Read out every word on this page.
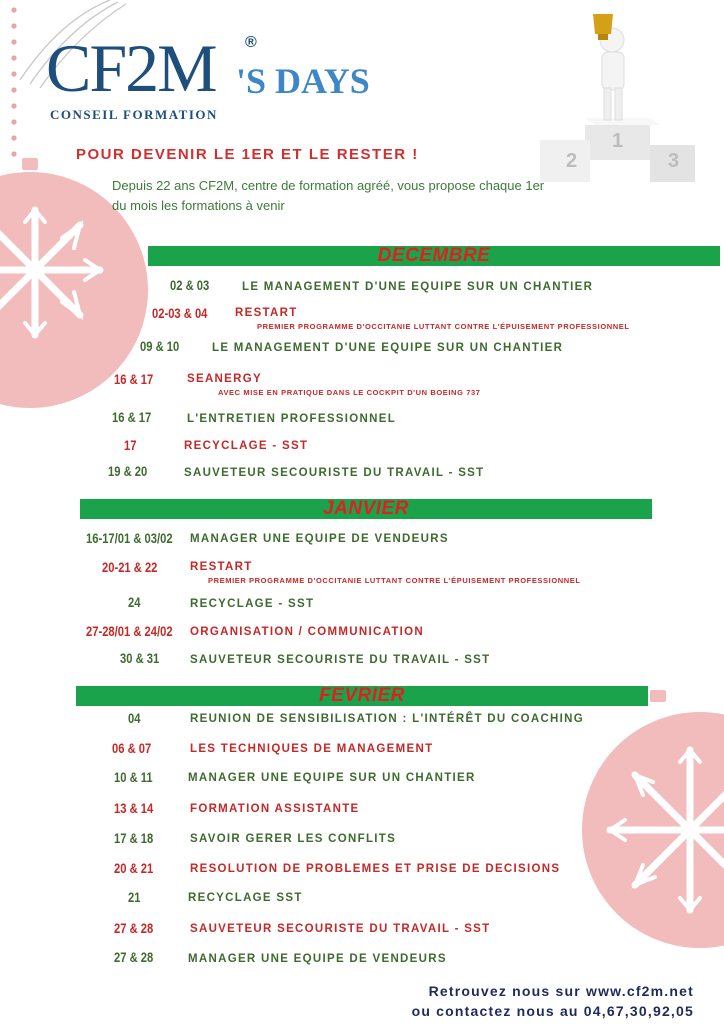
1
2	3
CF2M ®
'S DAYS
CONSEIL FORMATION
POUR DEVENIR LE 1ER ET LE RESTER !
Depuis 22 ans CF2M, centre de formation agréé, vous propose chaque 1er du mois les formations à venir
DECEMBRE
02 & 03	LE MANAGEMENT D'UNE EQUIPE SUR UN CHANTIER
02-03 & 04 RESTART
PREMIER PROGRAMME D'OCCITANIE LUTTANT CONTRE L'ÉPUISEMENT PROFESSIONNEL
09 & 10	LE MANAGEMENT D'UNE EQUIPE SUR UN CHANTIER
16 & 17	SEANERGY
AVEC MISE EN PRATIQUE DANS LE COCKPIT D'UN BOEING 737
16 & 17	L'ENTRETIEN PROFESSIONNEL
17	RECYCLAGE - SST
19 & 20	SAUVETEUR SECOURISTE DU TRAVAIL - SST
JANVIER
16-17/01 & 03/02 MANAGER UNE EQUIPE DE VENDEURS
20-21 & 22	RESTART
PREMIER PROGRAMME D'OCCITANIE LUTTANT CONTRE L'ÉPUISEMENT PROFESSIONNEL
24	RECYCLAGE - SST
27-28/01 & 24/02 ORGANISATION / COMMUNICATION
30 & 31	SAUVETEUR SECOURISTE DU TRAVAIL - SST
FEVRIER
04	REUNION DE SENSIBILISATION : L'INTÉRÊT DU COACHING
06 & 07	LES TECHNIQUES DE MANAGEMENT
10 & 11	MANAGER UNE EQUIPE SUR UN CHANTIER
13 & 14	FORMATION ASSISTANTE
17 & 18	SAVOIR GERER LES CONFLITS
20 & 21	RESOLUTION DE PROBLEMES ET PRISE DE DECISIONS
21	RECYCLAGE SST
27 & 28	SAUVETEUR SECOURISTE DU TRAVAIL - SST
27 & 28	MANAGER UNE EQUIPE DE VENDEURS
Retrouvez nous sur www.cf2m.net
ou contactez nous au 04,67,30,92,05
